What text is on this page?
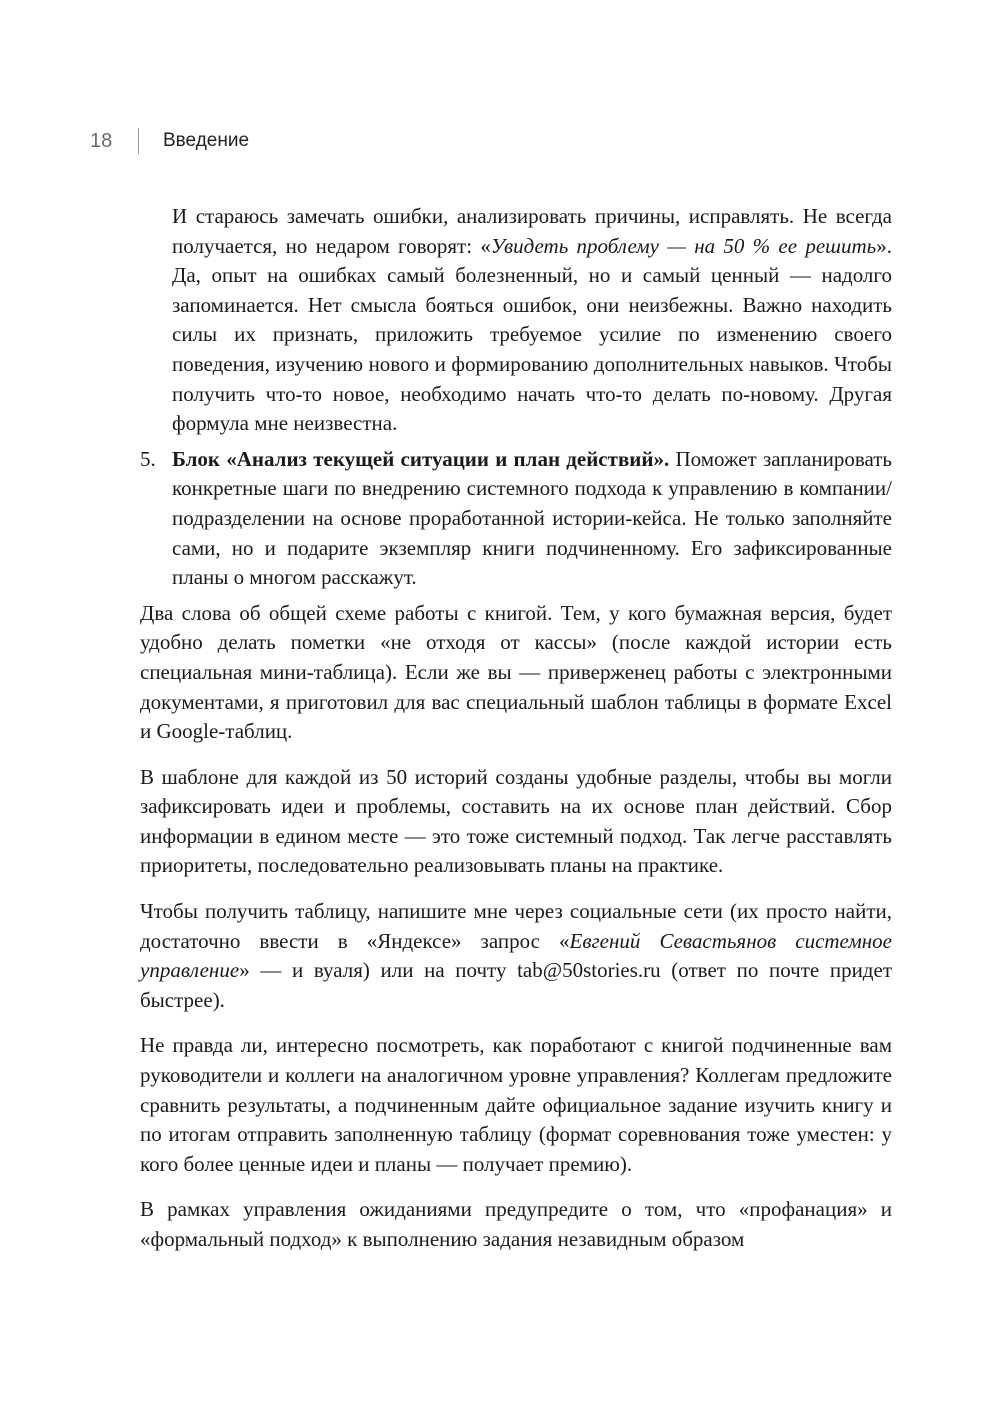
18	Введение

И стараюсь замечать ошибки, анализировать причины, исправлять. Не всегда получается, но недаром говорят: «Увидеть проблему — на 50 % ее решить». Да, опыт на ошибках самый болезненный, но и самый ценный — надолго запоминается. Нет смысла бояться ошибок, они неизбежны. Важно находить силы их признать, приложить требуемое усилие по изменению своего поведения, изучению нового и формированию дополнительных навыков. Чтобы получить что-то новое, необходимо начать что-то делать по-новому. Другая формула мне неизвестна.

5. Блок «Анализ текущей ситуации и план действий». Поможет запланировать конкретные шаги по внедрению системного подхода к управлению в компании/подразделении на основе проработанной истории-кейса. Не только заполняйте сами, но и подарите экземпляр книги подчиненному. Его зафиксированные планы о многом расскажут.

Два слова об общей схеме работы с книгой. Тем, у кого бумажная версия, будет удобно делать пометки «не отходя от кассы» (после каждой истории есть специальная мини-таблица). Если же вы — приверженец работы с электронными документами, я приготовил для вас специальный шаблон таблицы в формате Excel и Google-таблиц.

В шаблоне для каждой из 50 историй созданы удобные разделы, чтобы вы могли зафиксировать идеи и проблемы, составить на их основе план действий. Сбор информации в едином месте — это тоже системный подход. Так легче расставлять приоритеты, последовательно реализовывать планы на практике.

Чтобы получить таблицу, напишите мне через социальные сети (их просто найти, достаточно ввести в «Яндексе» запрос «Евгений Севастьянов системное управление» — и вуаля) или на почту tab@50stories.ru (ответ по почте придет быстрее).

Не правда ли, интересно посмотреть, как поработают с книгой подчиненные вам руководители и коллеги на аналогичном уровне управления? Коллегам предложите сравнить результаты, а подчиненным дайте официальное задание изучить книгу и по итогам отправить заполненную таблицу (формат соревнования тоже уместен: у кого более ценные идеи и планы — получает премию).

В рамках управления ожиданиями предупредите о том, что «профанация» и «формальный подход» к выполнению задания незавидным образом
